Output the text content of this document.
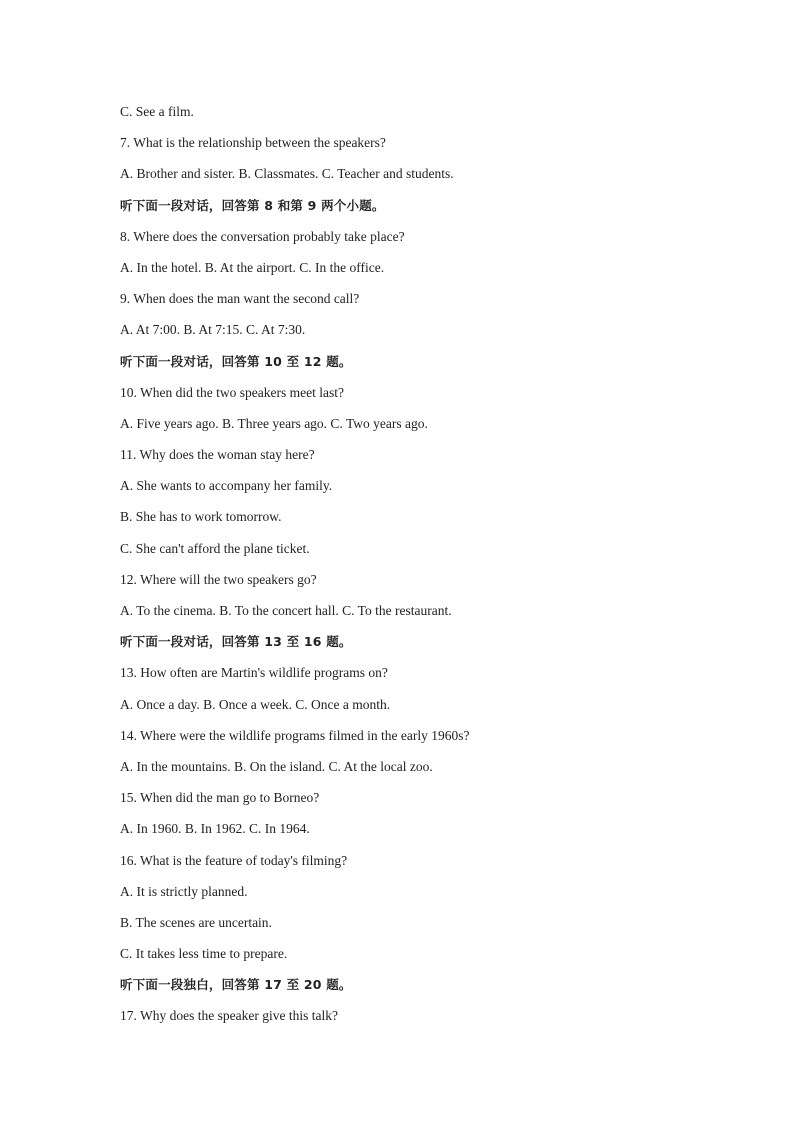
C. See a film.
7. What is the relationship between the speakers?
A. Brother and sister. B. Classmates. C. Teacher and students.
听下面一段对话，回答第 8 和第 9 两个小题。
8. Where does the conversation probably take place?
A. In the hotel. B. At the airport. C. In the office.
9. When does the man want the second call?
A. At 7:00. B. At 7:15. C. At 7:30.
听下面一段对话，回答第 10 至 12 题。
10. When did the two speakers meet last?
A. Five years ago. B. Three years ago. C. Two years ago.
11. Why does the woman stay here?
A. She wants to accompany her family.
B. She has to work tomorrow.
C. She can't afford the plane ticket.
12. Where will the two speakers go?
A. To the cinema. B. To the concert hall. C. To the restaurant.
听下面一段对话，回答第 13 至 16 题。
13. How often are Martin's wildlife programs on?
A. Once a day. B. Once a week. C. Once a month.
14. Where were the wildlife programs filmed in the early 1960s?
A. In the mountains. B. On the island. C. At the local zoo.
15. When did the man go to Borneo?
A. In 1960. B. In 1962. C. In 1964.
16. What is the feature of today's filming?
A. It is strictly planned.
B. The scenes are uncertain.
C. It takes less time to prepare.
听下面一段独白，回答第 17 至 20 题。
17. Why does the speaker give this talk?
